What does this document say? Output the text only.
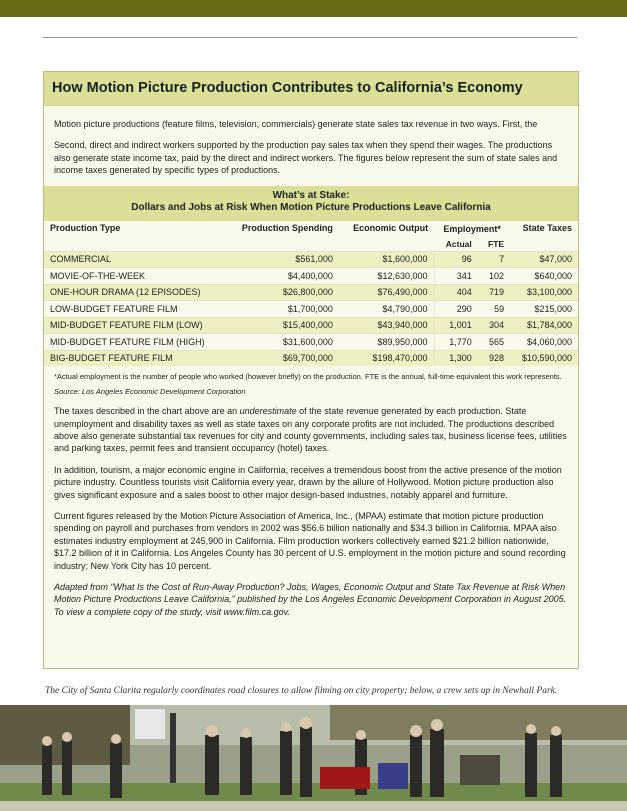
How Motion Picture Production Contributes to California’s Economy

Motion picture productions (feature films, television, commercials) generate state sales tax revenue in two ways. First, the

Second, direct and indirect workers supported by the production pay sales tax when they spend their wages. The productions also generate state income tax, paid by the direct and indirect workers. The figures below represent the sum of state sales and income taxes generated by specific types of productions.

What’s at Stake:
Dollars and Jobs at Risk When Motion Picture Productions Leave California
Production Type	Production Spending	Economic Output	Employment*		State Taxes
			Actual	FTE	
COMMERCIAL	$561,000	$1,600,000	96	7	$47,000
MOVIE-OF-THE-WEEK	$4,400,000	$12,630,000	341	102	$640,000
ONE-HOUR DRAMA (12 EPISODES)	$26,800,000	$76,490,000	404	719	$3,100,000
LOW-BUDGET FEATURE FILM	$1,700,000	$4,790,000	290	59	$215,000
MID-BUDGET FEATURE FILM (LOW)	$15,400,000	$43,940,000	1,001	304	$1,784,000
MID-BUDGET FEATURE FILM (HIGH)	$31,600,000	$89,950,000	1,770	565	$4,060,000
BIG-BUDGET FEATURE FILM	$69,700,000	$198,470,000	1,300	928	$10,590,000

*Actual employment is the number of people who worked (however briefly) on the production. FTE is the annual, full-time equivalent this work represents.

Source: Los Angeles Economic Development Corporation

The taxes described in the chart above are an underestimate of the state revenue generated by each production. State unemployment and disability taxes as well as state taxes on any corporate profits are not included. The productions described above also generate substantial tax revenues for city and county governments, including sales tax, business license fees, utilities and parking taxes, permit fees and transient occupancy (hotel) taxes.

In addition, tourism, a major economic engine in California, receives a tremendous boost from the active presence of the motion picture industry. Countless tourists visit California every year, drawn by the allure of Hollywood. Motion picture production also gives significant exposure and a sales boost to other major design-based industries, notably apparel and furniture.

Current figures released by the Motion Picture Association of America, Inc., (MPAA) estimate that motion picture production spending on payroll and purchases from vendors in 2002 was $56.6 billion nationally and $34.3 billion in California. MPAA also estimates industry employment at 245,900 in California. Film production workers collectively earned $21.2 billion nationwide, $17.2 billion of it in California. Los Angeles County has 30 percent of U.S. employment in the motion picture and sound recording industry; New York City has 10 percent.

Adapted from “What Is the Cost of Run-Away Production? Jobs, Wages, Economic Output and State Tax Revenue at Risk When Motion Picture Productions Leave California,” published by the Los Angeles Economic Development Corporation in August 2005. To view a complete copy of the study, visit www.film.ca.gov.

The City of Santa Clarita regularly coordinates road closures to allow filming on city property; below, a crew sets up in Newhall Park.
